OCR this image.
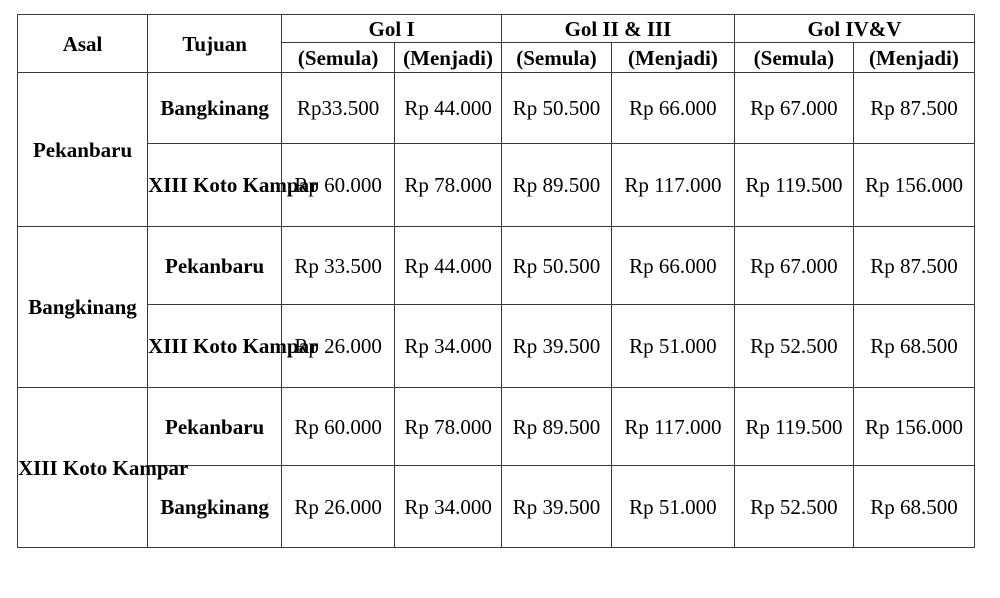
Asal	Tujuan	Gol I		Gol II & III		Gol IV&V	
		(Semula)	(Menjadi)	(Semula)	(Menjadi)	(Semula)	(Menjadi)
Pekanbaru	Bangkinang	Rp33.500	Rp 44.000	Rp 50.500	Rp 66.000	Rp 67.000	Rp 87.500
	XIII Koto Kampar	Rp 60.000	Rp 78.000	Rp 89.500	Rp 117.000	Rp 119.500	Rp 156.000
Bangkinang	Pekanbaru	Rp 33.500	Rp 44.000	Rp 50.500	Rp 66.000	Rp 67.000	Rp 87.500
	XIII Koto Kampar	Rp 26.000	Rp 34.000	Rp 39.500	Rp 51.000	Rp 52.500	Rp 68.500
XIII Koto Kampar	Pekanbaru	Rp 60.000	Rp 78.000	Rp 89.500	Rp 117.000	Rp 119.500	Rp 156.000
	Bangkinang	Rp 26.000	Rp 34.000	Rp 39.500	Rp 51.000	Rp 52.500	Rp 68.500
